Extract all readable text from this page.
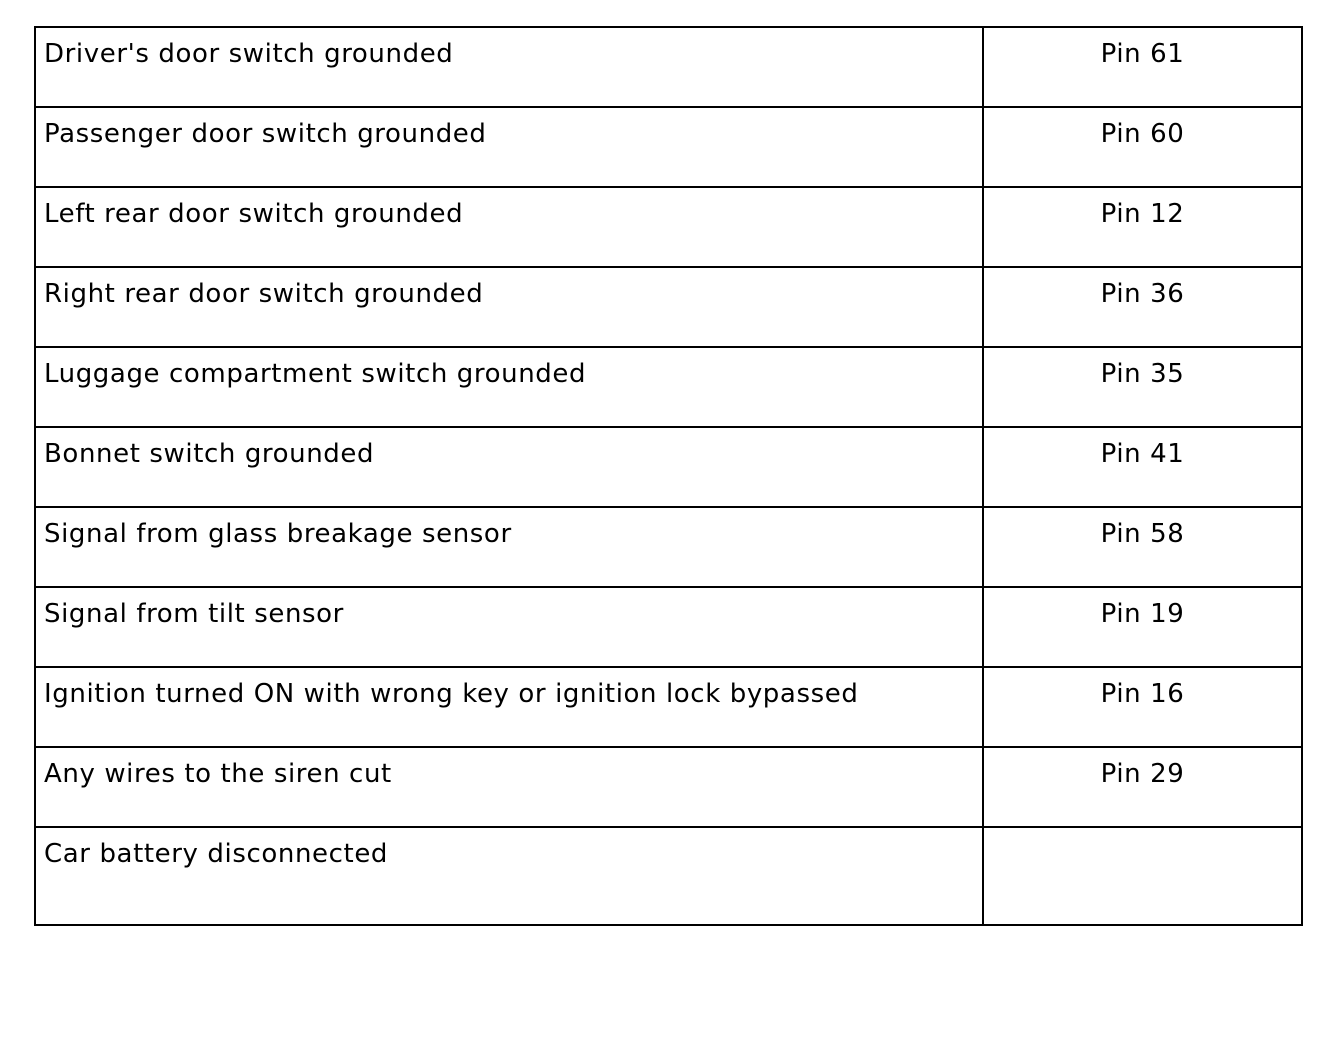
Driver's door switch grounded	Pin 61
Passenger door switch grounded	Pin 60
Left rear door switch grounded	Pin 12
Right rear door switch grounded	Pin 36
Luggage compartment switch grounded	Pin 35
Bonnet switch grounded	Pin 41
Signal from glass breakage sensor	Pin 58
Signal from tilt sensor	Pin 19
Ignition turned ON with wrong key or ignition lock bypassed	Pin 16
Any wires to the siren cut	Pin 29
Car battery disconnected	
